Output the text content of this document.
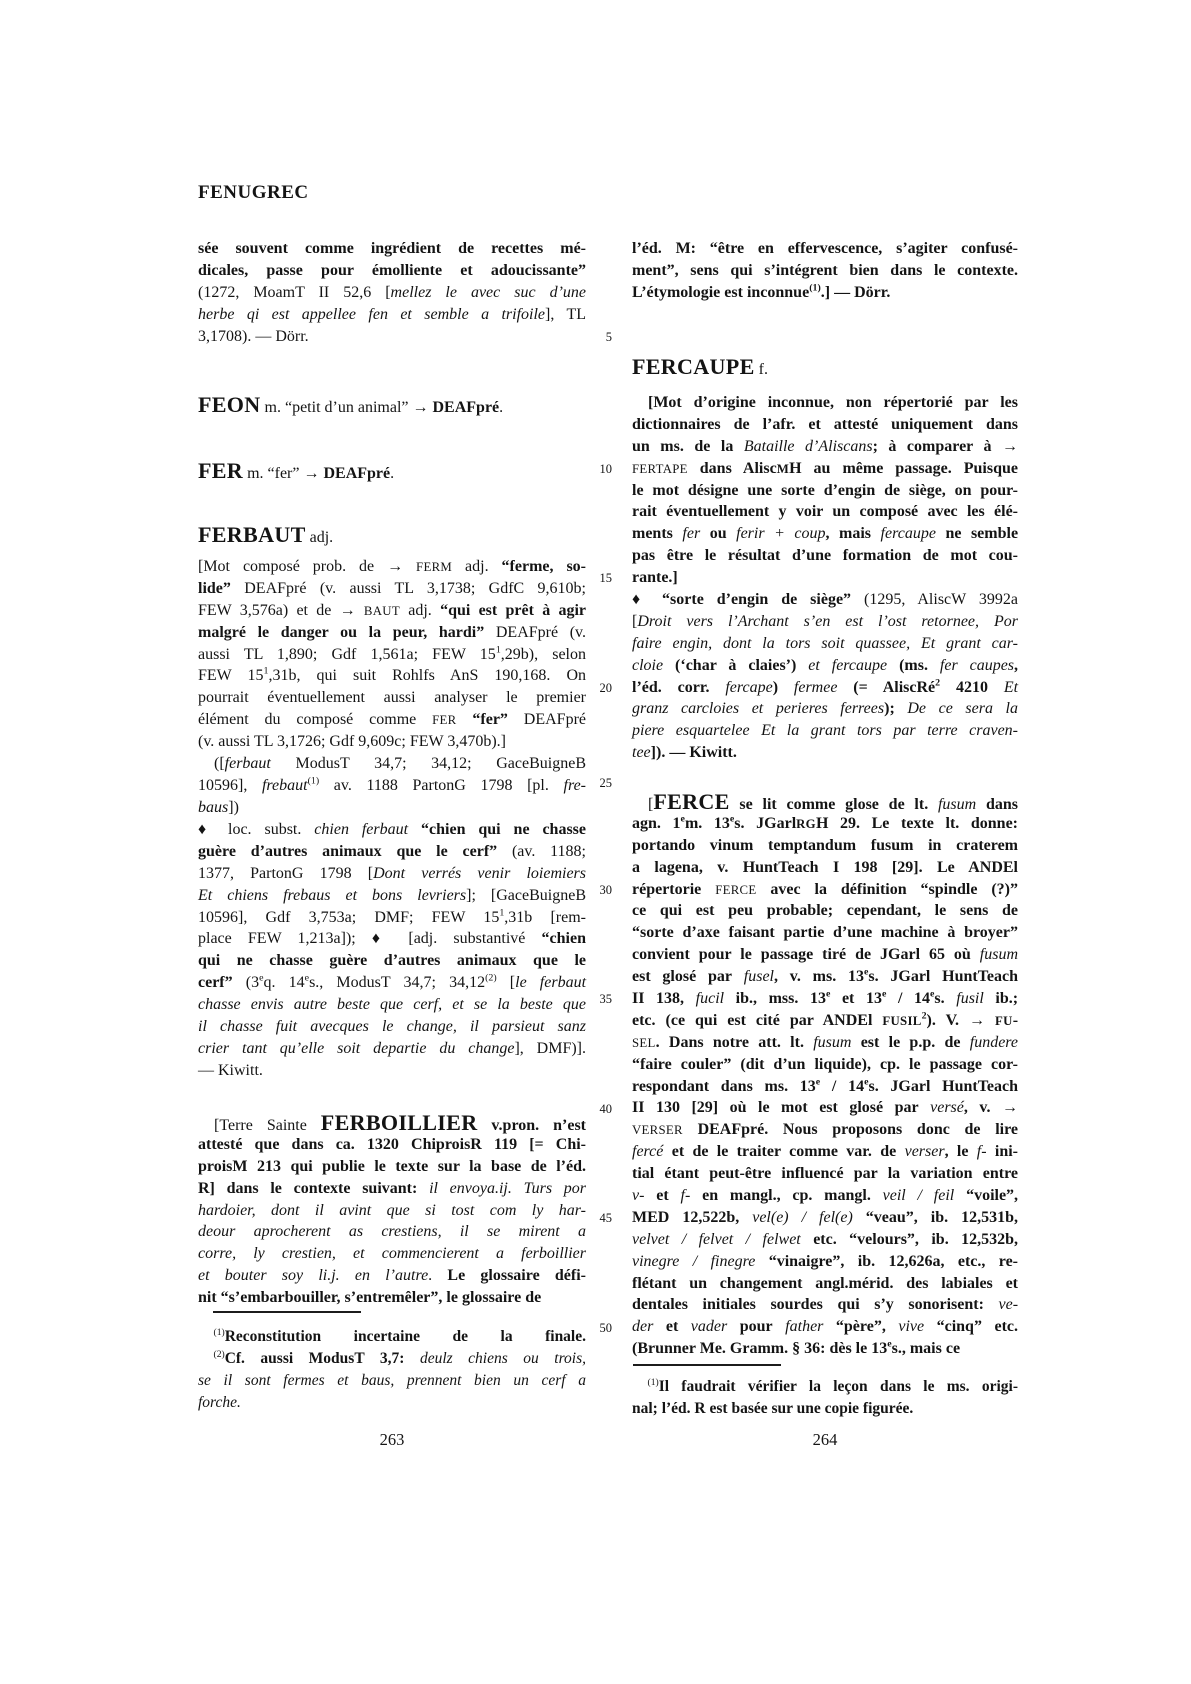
FENUGREC
5
10
15
20
25
30
35
40
45
50
sée souvent comme ingrédient de recettes mé-
dicales, passe pour émolliente et adoucissante”
(1272, MoamT II 52,6 [mellez le avec suc d’une
herbe qi est appellee fen et semble a trifoile], TL
3,1708). — Dörr.
FEON m. “petit d’un animal” → DEAFpré.
FER m. “fer” → DEAFpré.
FERBAUT adj.
[Mot composé prob. de → FERM adj. “ferme, so-
lide” DEAFpré (v. aussi TL 3,1738; GdfC 9,610b;
FEW 3,576a) et de → BAUT adj. “qui est prêt à agir
malgré le danger ou la peur, hardi” DEAFpré (v.
aussi TL 1,890; Gdf 1,561a; FEW $15^1,29b$), selon
FEW $15^1,31b$, qui suit Rohlfs AnS 190,168. On
pourrait éventuellement aussi analyser le premier
élément du composé comme FER “fer” DEAFpré
(v. aussi TL 3,1726; Gdf 9,609c; FEW 3,470b).]
 ([ferbaut ModusT 34,7; 34,12; GaceBuigneB
10596], frebaut$^{(1)}$ av. 1188 PartonG 1798 [pl. fre-
baus])
♦ loc. subst. chien ferbaut “chien qui ne chasse
guère d’autres animaux que le cerf” (av. 1188;
1377, PartonG 1798 [Dont verrés venir loiemiers
Et chiens frebaus et bons levriers]; [GaceBuigneB
10596], Gdf 3,753a; DMF; FEW $15^1,31b$ [rem-
place FEW 1,213a]); ♦ [adj. substantivé “chien
qui ne chasse guère d’autres animaux que le
cerf” (3eq. 14es., ModusT 34,7; 34,12$^{(2)}$ [le ferbaut
chasse envis autre beste que cerf, et se la beste que
il chasse fuit avecques le change, il parsieut sanz
crier tant qu’elle soit departie du change], DMF)].
— Kiwitt.
 [Terre Sainte FERBOILLIER v.pron. n’est
attesté que dans ca. 1320 ChiproisR 119 [= Chi-
proisM 213 qui publie le texte sur la base de l’éd.
R] dans le contexte suivant: il envoya.ij. Turs por
hardoier, dont il avint que si tost com ly har-
deour aprocherent as crestiens, il se mirent a
corre, ly crestien, et commencierent a ferboillier
et bouter soy li.j. en l’autre. Le glossaire défi-
nit “s’embarbouiller, s’entremêler”, le glossaire de
 $^{(1)}$Reconstitution incertaine de la finale.
 $^{(2)}$Cf. aussi ModusT 3,7: deulz chiens ou trois,
se il sont fermes et baus, prennent bien un cerf a
forche.
l’éd. M: “être en effervescence, s’agiter confusé-
ment”, sens qui s’intégrent bien dans le contexte.
L’étymologie est inconnue$^{(1)}$.] — Dörr.
FERCAUPE f.
 [Mot d’origine inconnue, non répertorié par les
dictionnaires de l’afr. et attesté uniquement dans
un ms. de la Bataille d’Aliscans; à comparer à →
FERTAPE dans AliscMH au même passage. Puisque
le mot désigne une sorte d’engin de siège, on pour-
rait éventuellement y voir un composé avec les élé-
ments fer ou ferir + coup, mais fercaupe ne semble
pas être le résultat d’une formation de mot cou-
rante.]
♦ “sorte d’engin de siège” (1295, AliscW 3992a
[Droit vers l’Archant s’en est l’ost retornee, Por
faire engin, dont la tors soit quassee, Et grant car-
cloie (‘char à claies’) et fercaupe (ms. fer caupes,
l’éd. corr. fercape) fermee (= AliscRé$^2$ 4210 Et
granz carcloies et perieres ferrees); De ce sera la
piere esquartelee Et la grant tors par terre craven-
tee]). — Kiwitt.
 [FERCE se lit comme glose de lt. fusum dans
agn. 1em. 13es. JGarlRGH 29. Le texte lt. donne:
portando vinum temptandum fusum in craterem
a lagena, v. HuntTeach I 198 [29]. Le ANDEl
répertorie FERCE avec la définition “spindle (?)”
ce qui est peu probable; cependant, le sens de
“sorte d’axe faisant partie d’une machine à broyer”
convient pour le passage tiré de JGarl 65 où fusum
est glosé par fusel, v. ms. 13es. JGarl HuntTeach
II 138, fucil ib., mss. 13e et 13e / 14es. fusil ib.;
etc. (ce qui est cité par ANDEl FUSIL$^2$). V. → FU-
SEL. Dans notre att. lt. fusum est le p.p. de fundere
“faire couler” (dit d’un liquide), cp. le passage cor-
respondant dans ms. 13e / 14es. JGarl HuntTeach
II 130 [29] où le mot est glosé par versé, v. →
VERSER DEAFpré. Nous proposons donc de lire
fercé et de le traiter comme var. de verser, le f- ini-
tial étant peut-être influencé par la variation entre
v- et f- en mangl., cp. mangl. veil / feil “voile”,
MED 12,522b, vel(e) / fel(e) “veau”, ib. 12,531b,
velvet / felvet / felwet etc. “velours”, ib. 12,532b,
vinegre / finegre “vinaigre”, ib. 12,626a, etc., re-
flétant un changement angl.mérid. des labiales et
dentales initiales sourdes qui s’y sonorisent: ve-
der et vader pour father “père”, vive “cinq” etc.
(Brunner Me. Gramm. § 36: dès le 13es., mais ce
 $^{(1)}$Il faudrait vérifier la leçon dans le ms. origi-
nal; l’éd. R est basée sur une copie figurée.
263	264
